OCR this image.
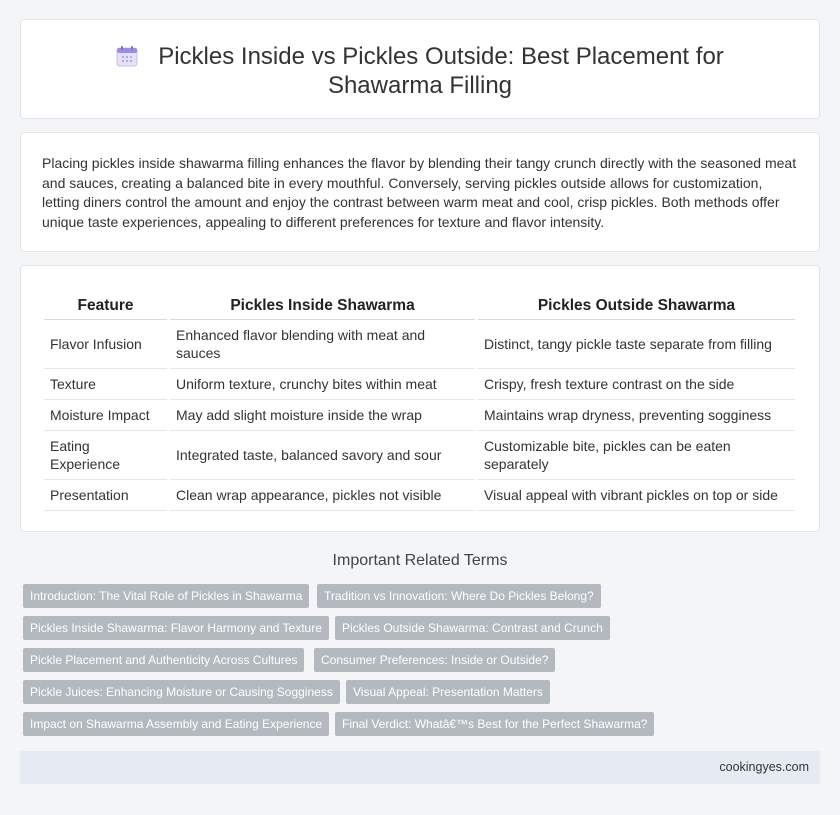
Pickles Inside vs Pickles Outside: Best Placement for Shawarma Filling

Placing pickles inside shawarma filling enhances the flavor by blending their tangy crunch directly with the seasoned meat and sauces, creating a balanced bite in every mouthful. Conversely, serving pickles outside allows for customization, letting diners control the amount and enjoy the contrast between warm meat and cool, crisp pickles. Both methods offer unique taste experiences, appealing to different preferences for texture and flavor intensity.

Feature	Pickles Inside Shawarma	Pickles Outside Shawarma
Flavor Infusion	Enhanced flavor blending with meat and sauces	Distinct, tangy pickle taste separate from filling
Texture	Uniform texture, crunchy bites within meat	Crispy, fresh texture contrast on the side
Moisture Impact	May add slight moisture inside the wrap	Maintains wrap dryness, preventing sogginess
Eating Experience	Integrated taste, balanced savory and sour	Customizable bite, pickles can be eaten separately
Presentation	Clean wrap appearance, pickles not visible	Visual appeal with vibrant pickles on top or side
Important Related Terms
Introduction: The Vital Role of Pickles in Shawarma	Tradition vs Innovation: Where Do Pickles Belong?
Pickles Inside Shawarma: Flavor Harmony and Texture	Pickles Outside Shawarma: Contrast and Crunch
Pickle Placement and Authenticity Across Cultures	Consumer Preferences: Inside or Outside?
Pickle Juices: Enhancing Moisture or Causing Sogginess	Visual Appeal: Presentation Matters
Impact on Shawarma Assembly and Eating Experience	Final Verdict: Whatâ€™s Best for the Perfect Shawarma?
cookingyes.com
